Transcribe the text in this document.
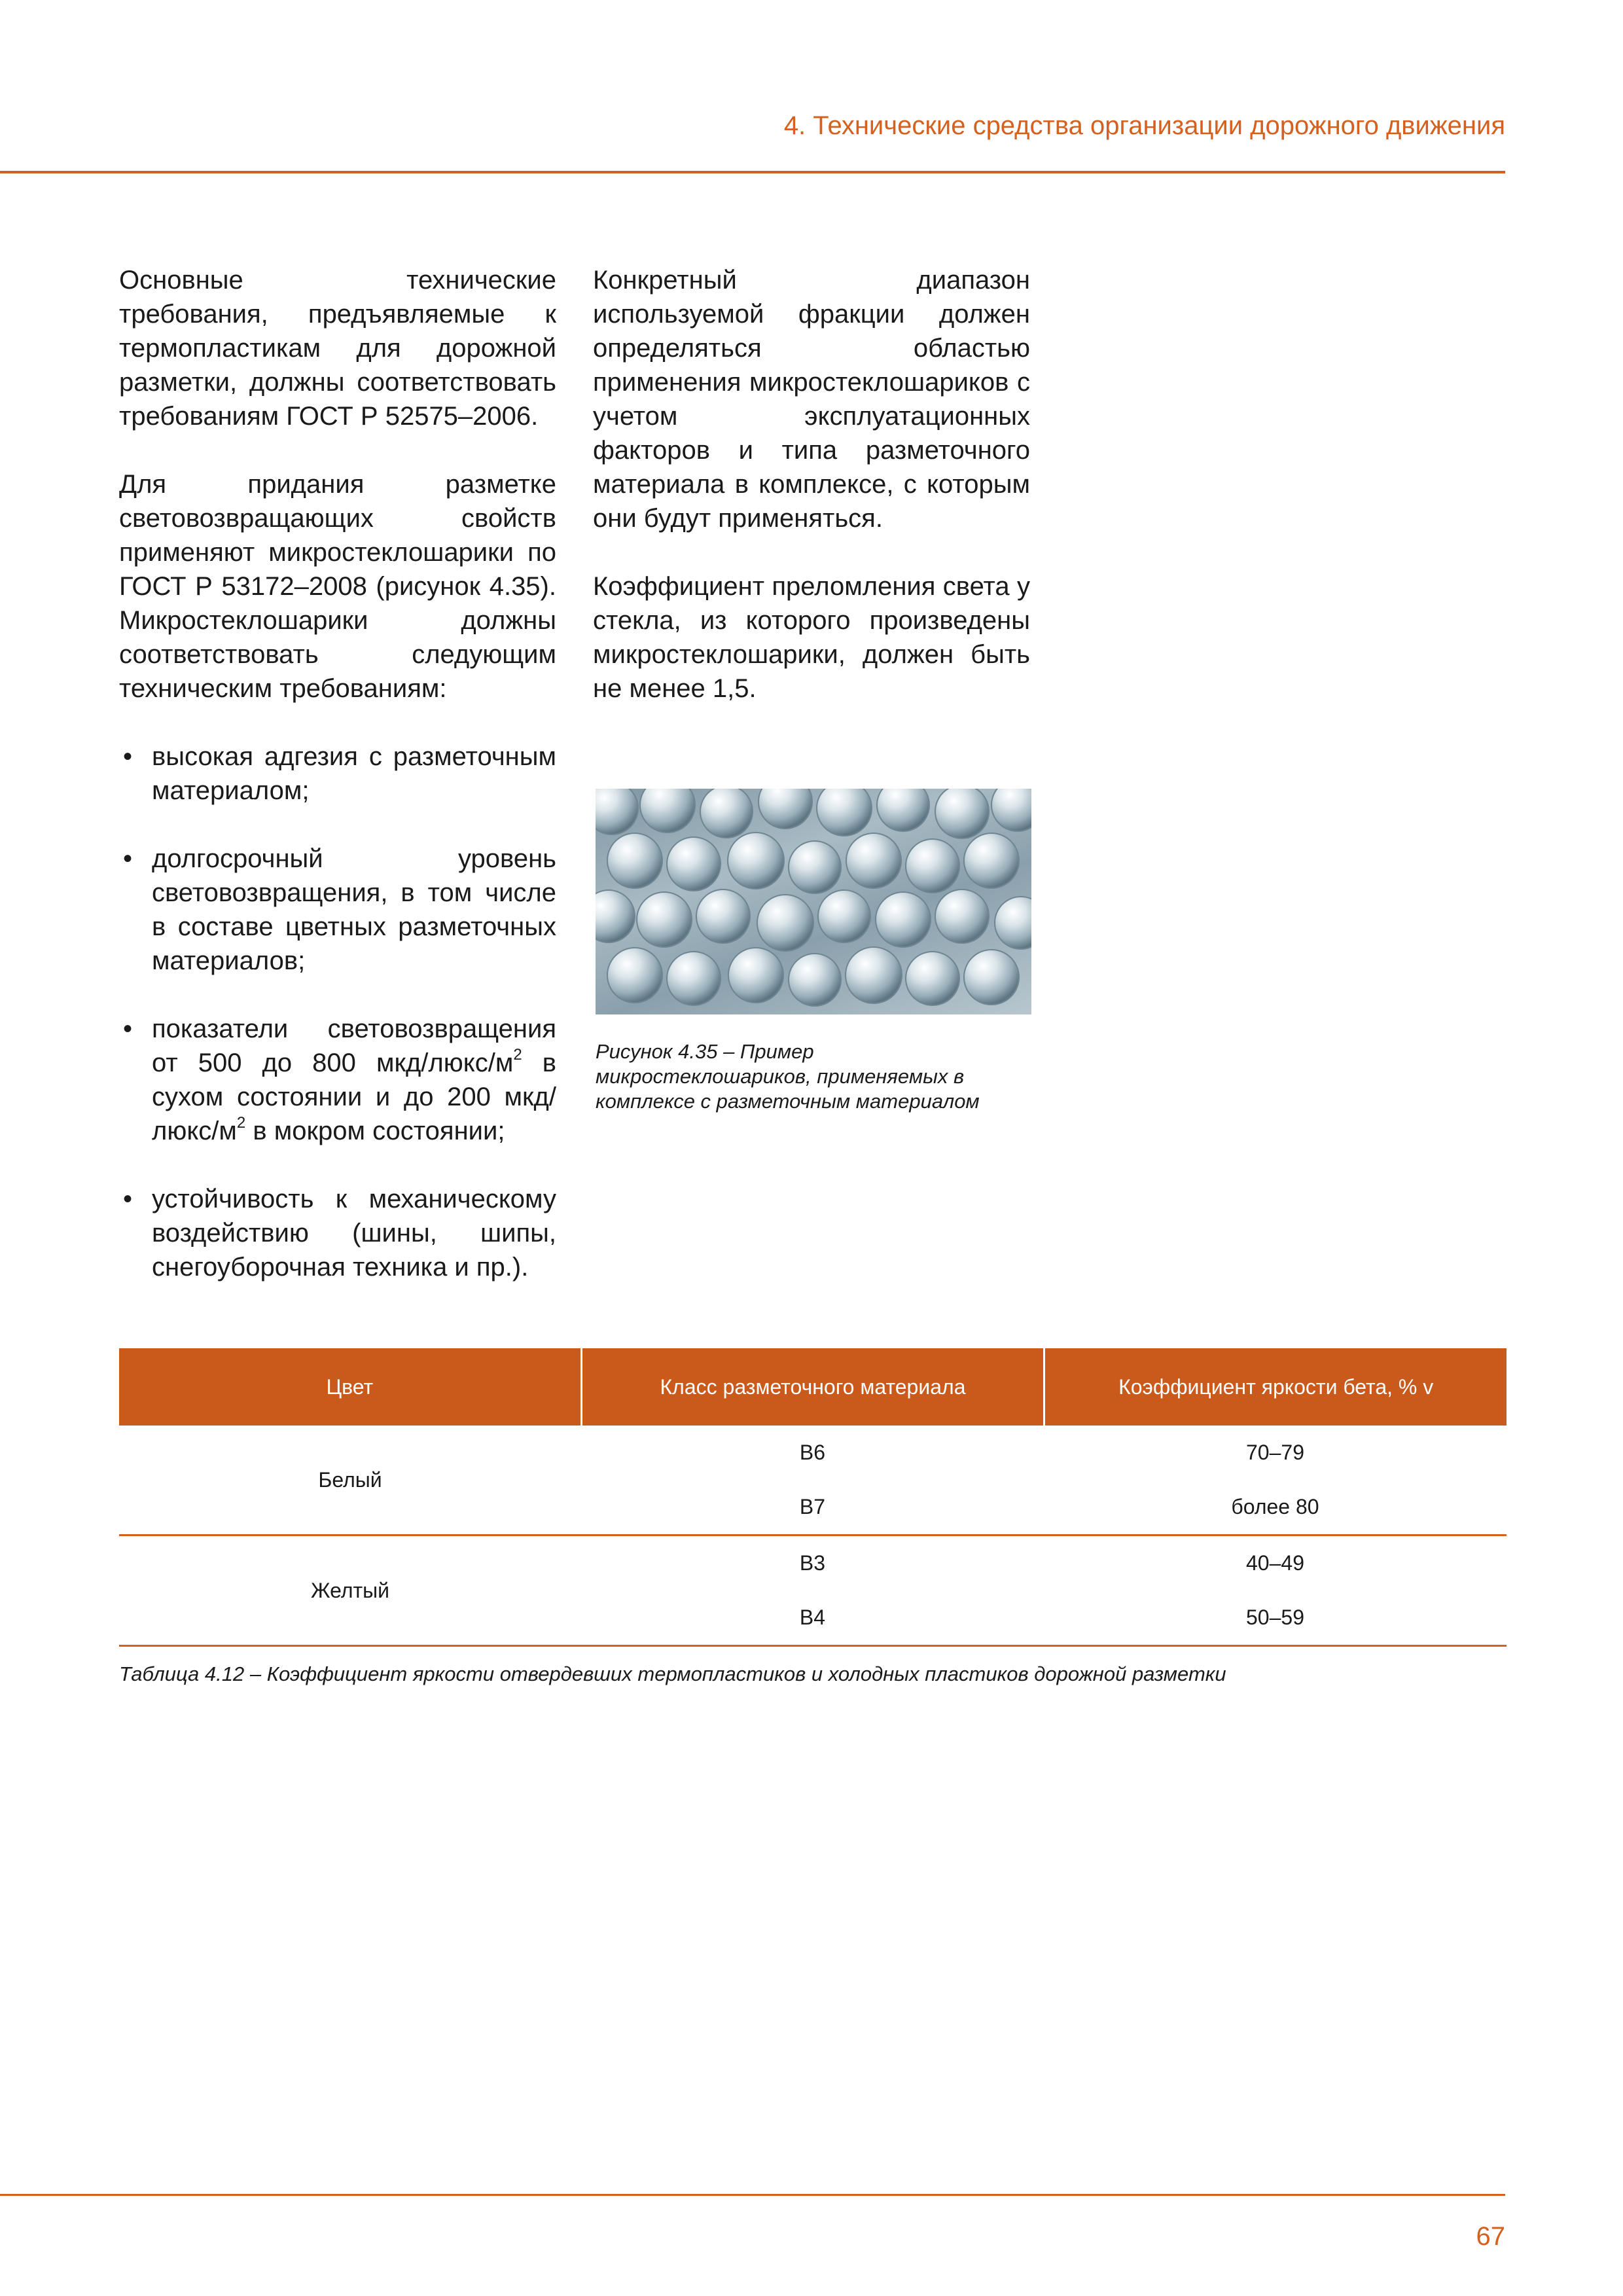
4. Технические средства организации дорожного движения

Основные технические требования, предъявляемые к термопластикам для дорожной разметки, должны соответствовать требованиям ГОСТ Р 52575–2006.

Для придания разметке световозвращающих свойств применяют микростеклошарики по ГОСТ Р 53172–2008 (рисунок 4.35). Микростеклошарики должны соответствовать следующим техническим требованиям:

• высокая адгезия с разметочным материалом;
• долгосрочный уровень световозвращения, в том числе в составе цветных разметочных материалов;
• показатели световозвращения от 500 до 800 мкд/$люкс/м^2$ в сухом состоянии и до 200 мкд/$люкс/м^2$ в мокром состоянии;
• устойчивость к механическому воздействию (шины, шипы, снегоуборочная техника и пр.).

Конкретный диапазон используемой фракции должен определяться областью применения микростеклошариков с учетом эксплуатационных факторов и типа разметочного материала в комплексе, с которым они будут применяться.

Коэффициент преломления света у стекла, из которого произведены микростеклошарики, должен быть не менее 1,5.

Рисунок 4.35 – Пример микростеклошариков, применяемых в комплексе с разметочным материалом
Цвет	Класс разметочного материала	Коэффициент яркости бета, % v
Белый
B6	70–79
B7	более 80
Желтый
B3	40–49
B4	50–59
Таблица 4.12 – Коэффициент яркости отвердевших термопластиков и холодных пластиков дорожной разметки
67
